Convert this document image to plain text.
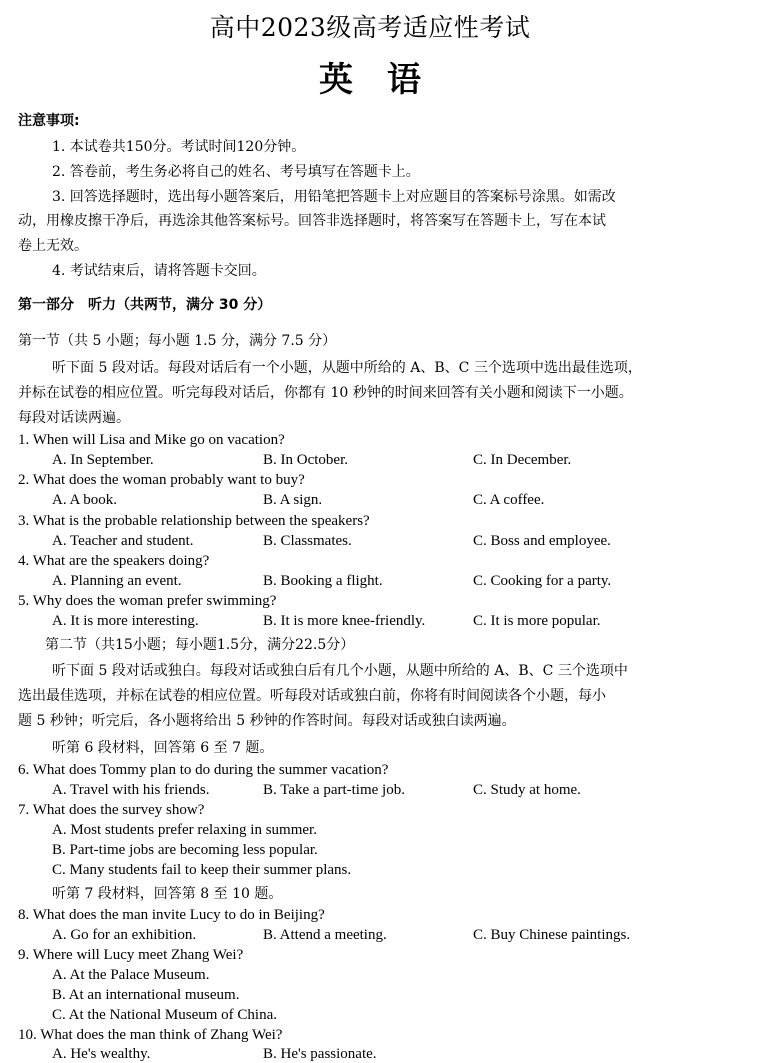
高中2023级高考适应性考试
英　语
注意事项:
1. 本试卷共150分。考试时间120分钟。
2. 答卷前，考生务必将自己的姓名、考号填写在答题卡上。
3. 回答选择题时，选出每小题答案后，用铅笔把答题卡上对应题目的答案标号涂黑。如需改
动，用橡皮擦干净后，再选涂其他答案标号。回答非选择题时，将答案写在答题卡上，写在本试
卷上无效。
4. 考试结束后，请将答题卡交回。
第一部分　听力（共两节，满分 30 分）
第一节（共 5 小题；每小题 1.5 分，满分 7.5 分）
听下面 5 段对话。每段对话后有一个小题，从题中所给的 A、B、C 三个选项中选出最佳选项，
并标在试卷的相应位置。听完每段对话后，你都有 10 秒钟的时间来回答有关小题和阅读下一小题。
每段对话读两遍。
1. When will Lisa and Mike go on vacation?
A. In September.	B. In October.	C. In December.
2. What does the woman probably want to buy?
A. A book.	B. A sign.	C. A coffee.
3. What is the probable relationship between the speakers?
A. Teacher and student.	B. Classmates.	C. Boss and employee.
4. What are the speakers doing?
A. Planning an event.	B. Booking a flight.	C. Cooking for a party.
5. Why does the woman prefer swimming?
A. It is more interesting.	B. It is more knee-friendly.	C. It is more popular.
第二节（共15小题；每小题1.5分，满分22.5分）
听下面 5 段对话或独白。每段对话或独白后有几个小题，从题中所给的 A、B、C 三个选项中
选出最佳选项，并标在试卷的相应位置。听每段对话或独白前，你将有时间阅读各个小题，每小
题 5 秒钟；听完后，各小题将给出 5 秒钟的作答时间。每段对话或独白读两遍。
听第 6 段材料，回答第 6 至 7 题。
6. What does Tommy plan to do during the summer vacation?
A. Travel with his friends.	B. Take a part-time job.	C. Study at home.
7. What does the survey show?
A. Most students prefer relaxing in summer.
B. Part-time jobs are becoming less popular.
C. Many students fail to keep their summer plans.
听第 7 段材料，回答第 8 至 10 题。
8. What does the man invite Lucy to do in Beijing?
A. Go for an exhibition.	B. Attend a meeting.	C. Buy Chinese paintings.
9. Where will Lucy meet Zhang Wei?
A. At the Palace Museum.
B. At an international museum.
C. At the National Museum of China.
10. What does the man think of Zhang Wei?
A. He's wealthy.	B. He's passionate.
